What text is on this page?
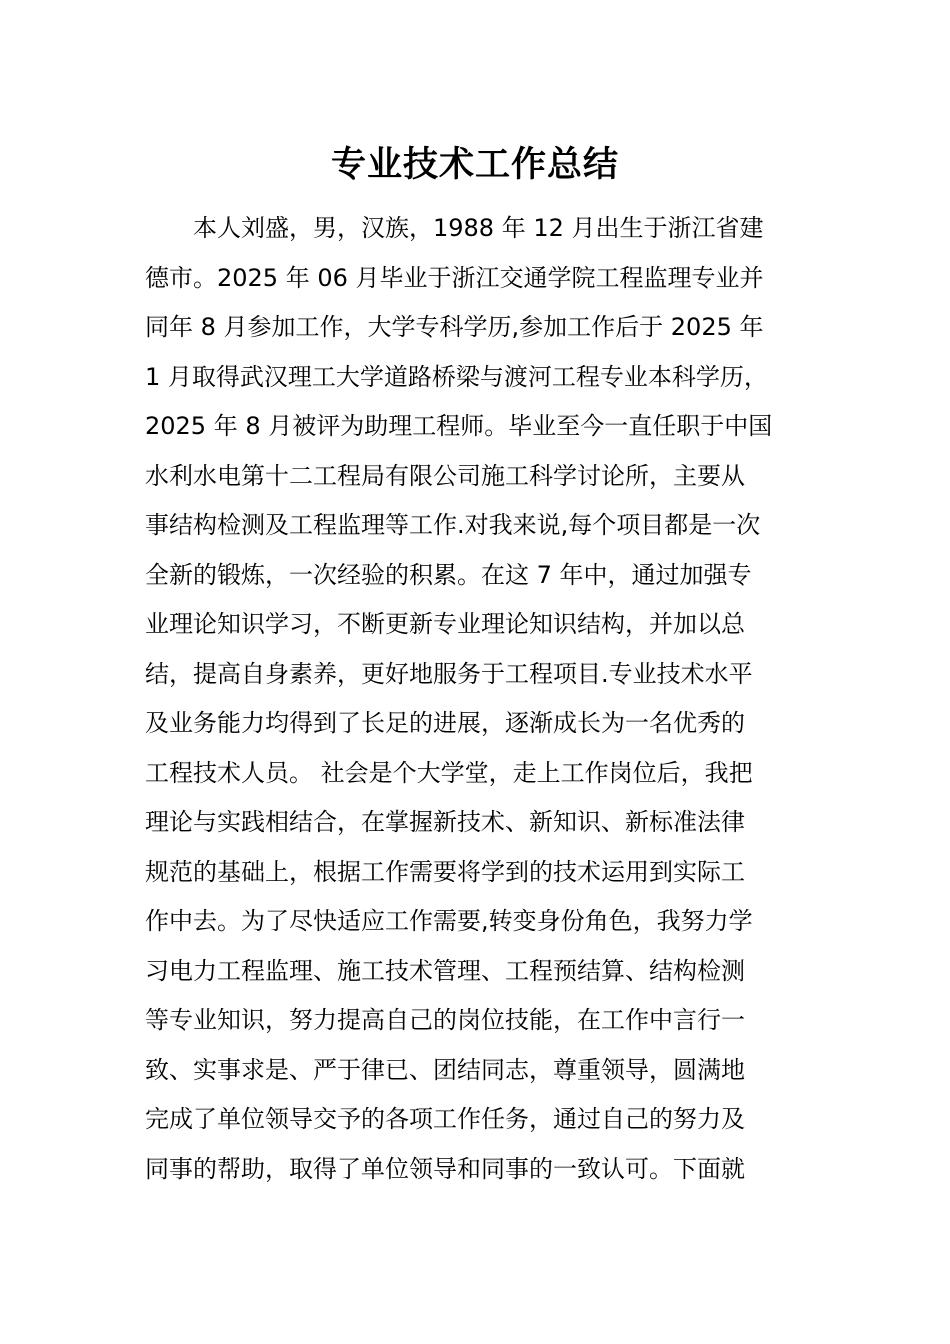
专业技术工作总结
　　本人刘盛，男，汉族，1988 年 12 月出生于浙江省建
德市。2025 年 06 月毕业于浙江交通学院工程监理专业并
同年 8 月参加工作，大学专科学历,参加工作后于 2025 年
1 月取得武汉理工大学道路桥梁与渡河工程专业本科学历，
2025 年 8 月被评为助理工程师。毕业至今一直任职于中国
水利水电第十二工程局有限公司施工科学讨论所，主要从
事结构检测及工程监理等工作.对我来说,每个项目都是一次
全新的锻炼，一次经验的积累。在这 7 年中，通过加强专
业理论知识学习，不断更新专业理论知识结构，并加以总
结，提高自身素养，更好地服务于工程项目.专业技术水平
及业务能力均得到了长足的进展，逐渐成长为一名优秀的
工程技术人员。 社会是个大学堂，走上工作岗位后，我把
理论与实践相结合，在掌握新技术、新知识、新标准法律
规范的基础上，根据工作需要将学到的技术运用到实际工
作中去。为了尽快适应工作需要,转变身份角色，我努力学
习电力工程监理、施工技术管理、工程预结算、结构检测
等专业知识，努力提高自己的岗位技能，在工作中言行一
致、实事求是、严于律已、团结同志，尊重领导，圆满地
完成了单位领导交予的各项工作任务，通过自己的努力及
同事的帮助，取得了单位领导和同事的一致认可。下面就
